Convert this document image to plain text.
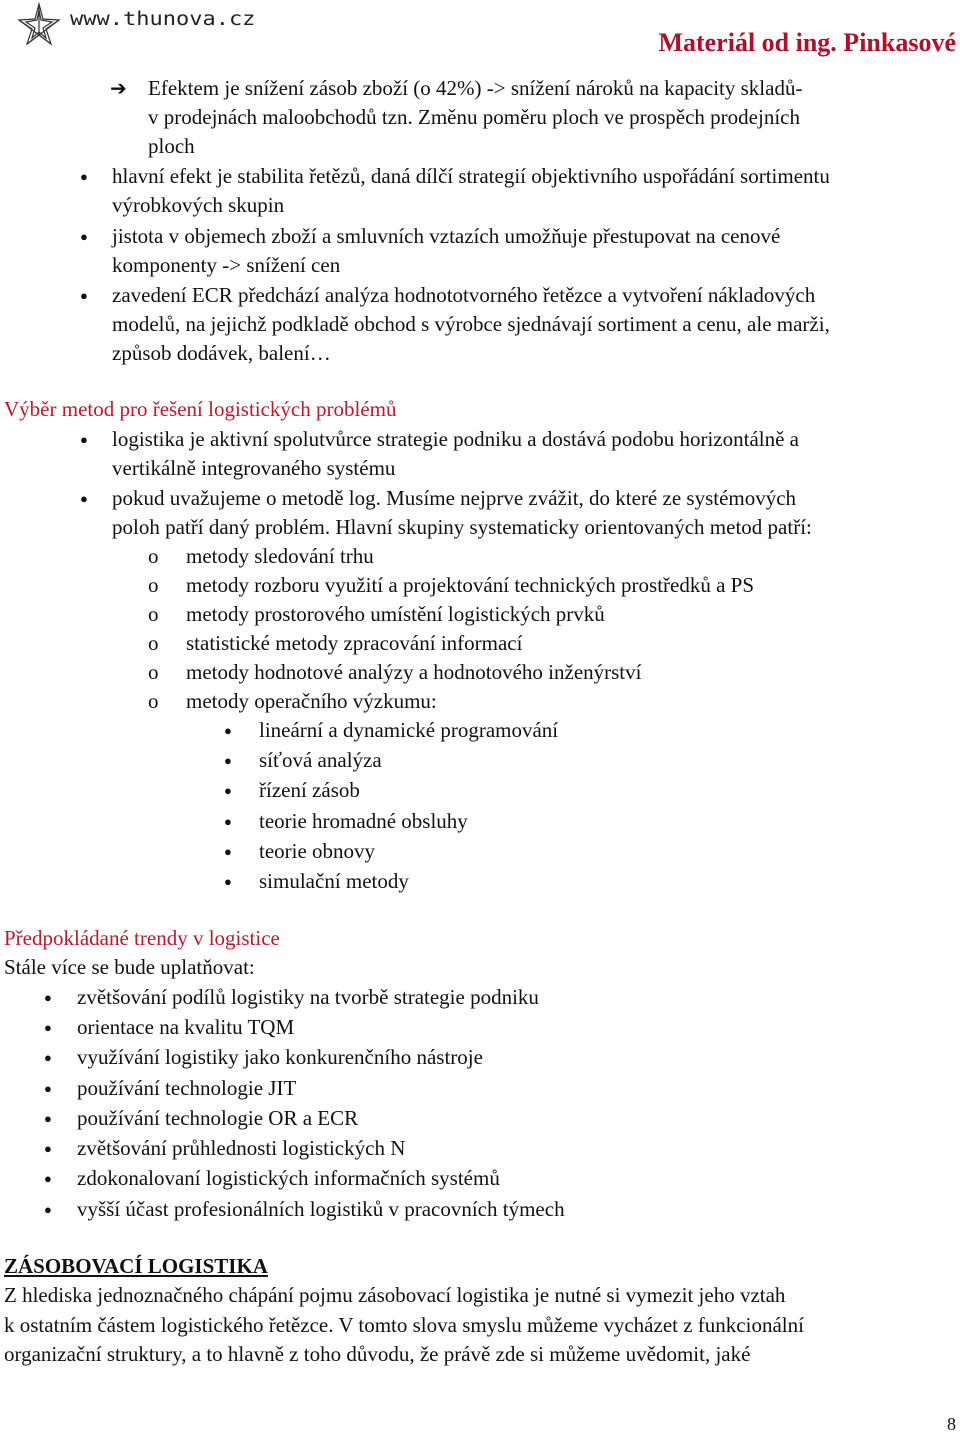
www.thunova.cz
Materiál od ing. Pinkasové
➔ Efektem je snížení zásob zboží (o 42%) -> snížení nároků na kapacity skladů-
v prodejnách maloobchodů tzn. Změnu poměru ploch ve prospěch prodejních
ploch
● hlavní efekt je stabilita řetězů, daná dílčí strategií objektivního uspořádání sortimentu
výrobkových skupin
● jistota v objemech zboží a smluvních vztazích umožňuje přestupovat na cenové
komponenty -> snížení cen
● zavedení ECR předchází analýza hodnototvorného řetězce a vytvoření nákladových
modelů, na jejichž podkladě obchod s výrobce sjednávají sortiment a cenu, ale marži,
způsob dodávek, balení…
Výběr metod pro řešení logistických problémů
● logistika je aktivní spolutvůrce strategie podniku a dostává podobu horizontálně a
vertikálně integrovaného systému
● pokud uvažujeme o metodě log. Musíme nejprve zvážit, do které ze systémových
poloh patří daný problém. Hlavní skupiny systematicky orientovaných metod patří:
o metody sledování trhu
o metody rozboru využití a projektování technických prostředků a PS
o metody prostorového umístění logistických prvků
o statistické metody zpracování informací
o metody hodnotové analýzy a hodnotového inženýrství
o metody operačního výzkumu:
● lineární a dynamické programování
● síťová analýza
● řízení zásob
● teorie hromadné obsluhy
● teorie obnovy
● simulační metody
Předpokládané trendy v logistice
Stále více se bude uplatňovat:
● zvětšování podílů logistiky na tvorbě strategie podniku
● orientace na kvalitu TQM
● využívání logistiky jako konkurenčního nástroje
● používání technologie JIT
● používání technologie OR a ECR
● zvětšování průhlednosti logistických N
● zdokonalovaní logistických informačních systémů
● vyšší účast profesionálních logistiků v pracovních týmech
ZÁSOBOVACÍ LOGISTIKA
Z hlediska jednoznačného chápání pojmu zásobovací logistika je nutné si vymezit jeho vztah
k ostatním částem logistického řetězce. V tomto slova smyslu můžeme vycházet z funkcionální
organizační struktury, a to hlavně z toho důvodu, že právě zde si můžeme uvědomit, jaké
8
